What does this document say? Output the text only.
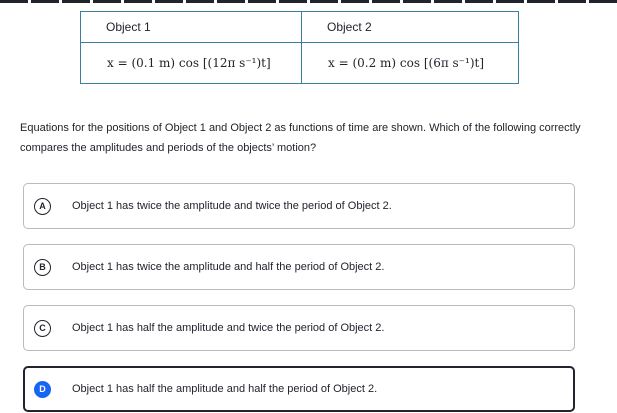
Object 1	Object 2
x = (0.1 m) cos [(12π s⁻¹)t]	x = (0.2 m) cos [(6π s⁻¹)t]
Equations for the positions of Object 1 and Object 2 as functions of time are shown. Which of the following correctly compares the amplitudes and periods of the objects’ motion?
A	Object 1 has twice the amplitude and twice the period of Object 2.
B	Object 1 has twice the amplitude and half the period of Object 2.
C	Object 1 has half the amplitude and twice the period of Object 2.
D	Object 1 has half the amplitude and half the period of Object 2.
